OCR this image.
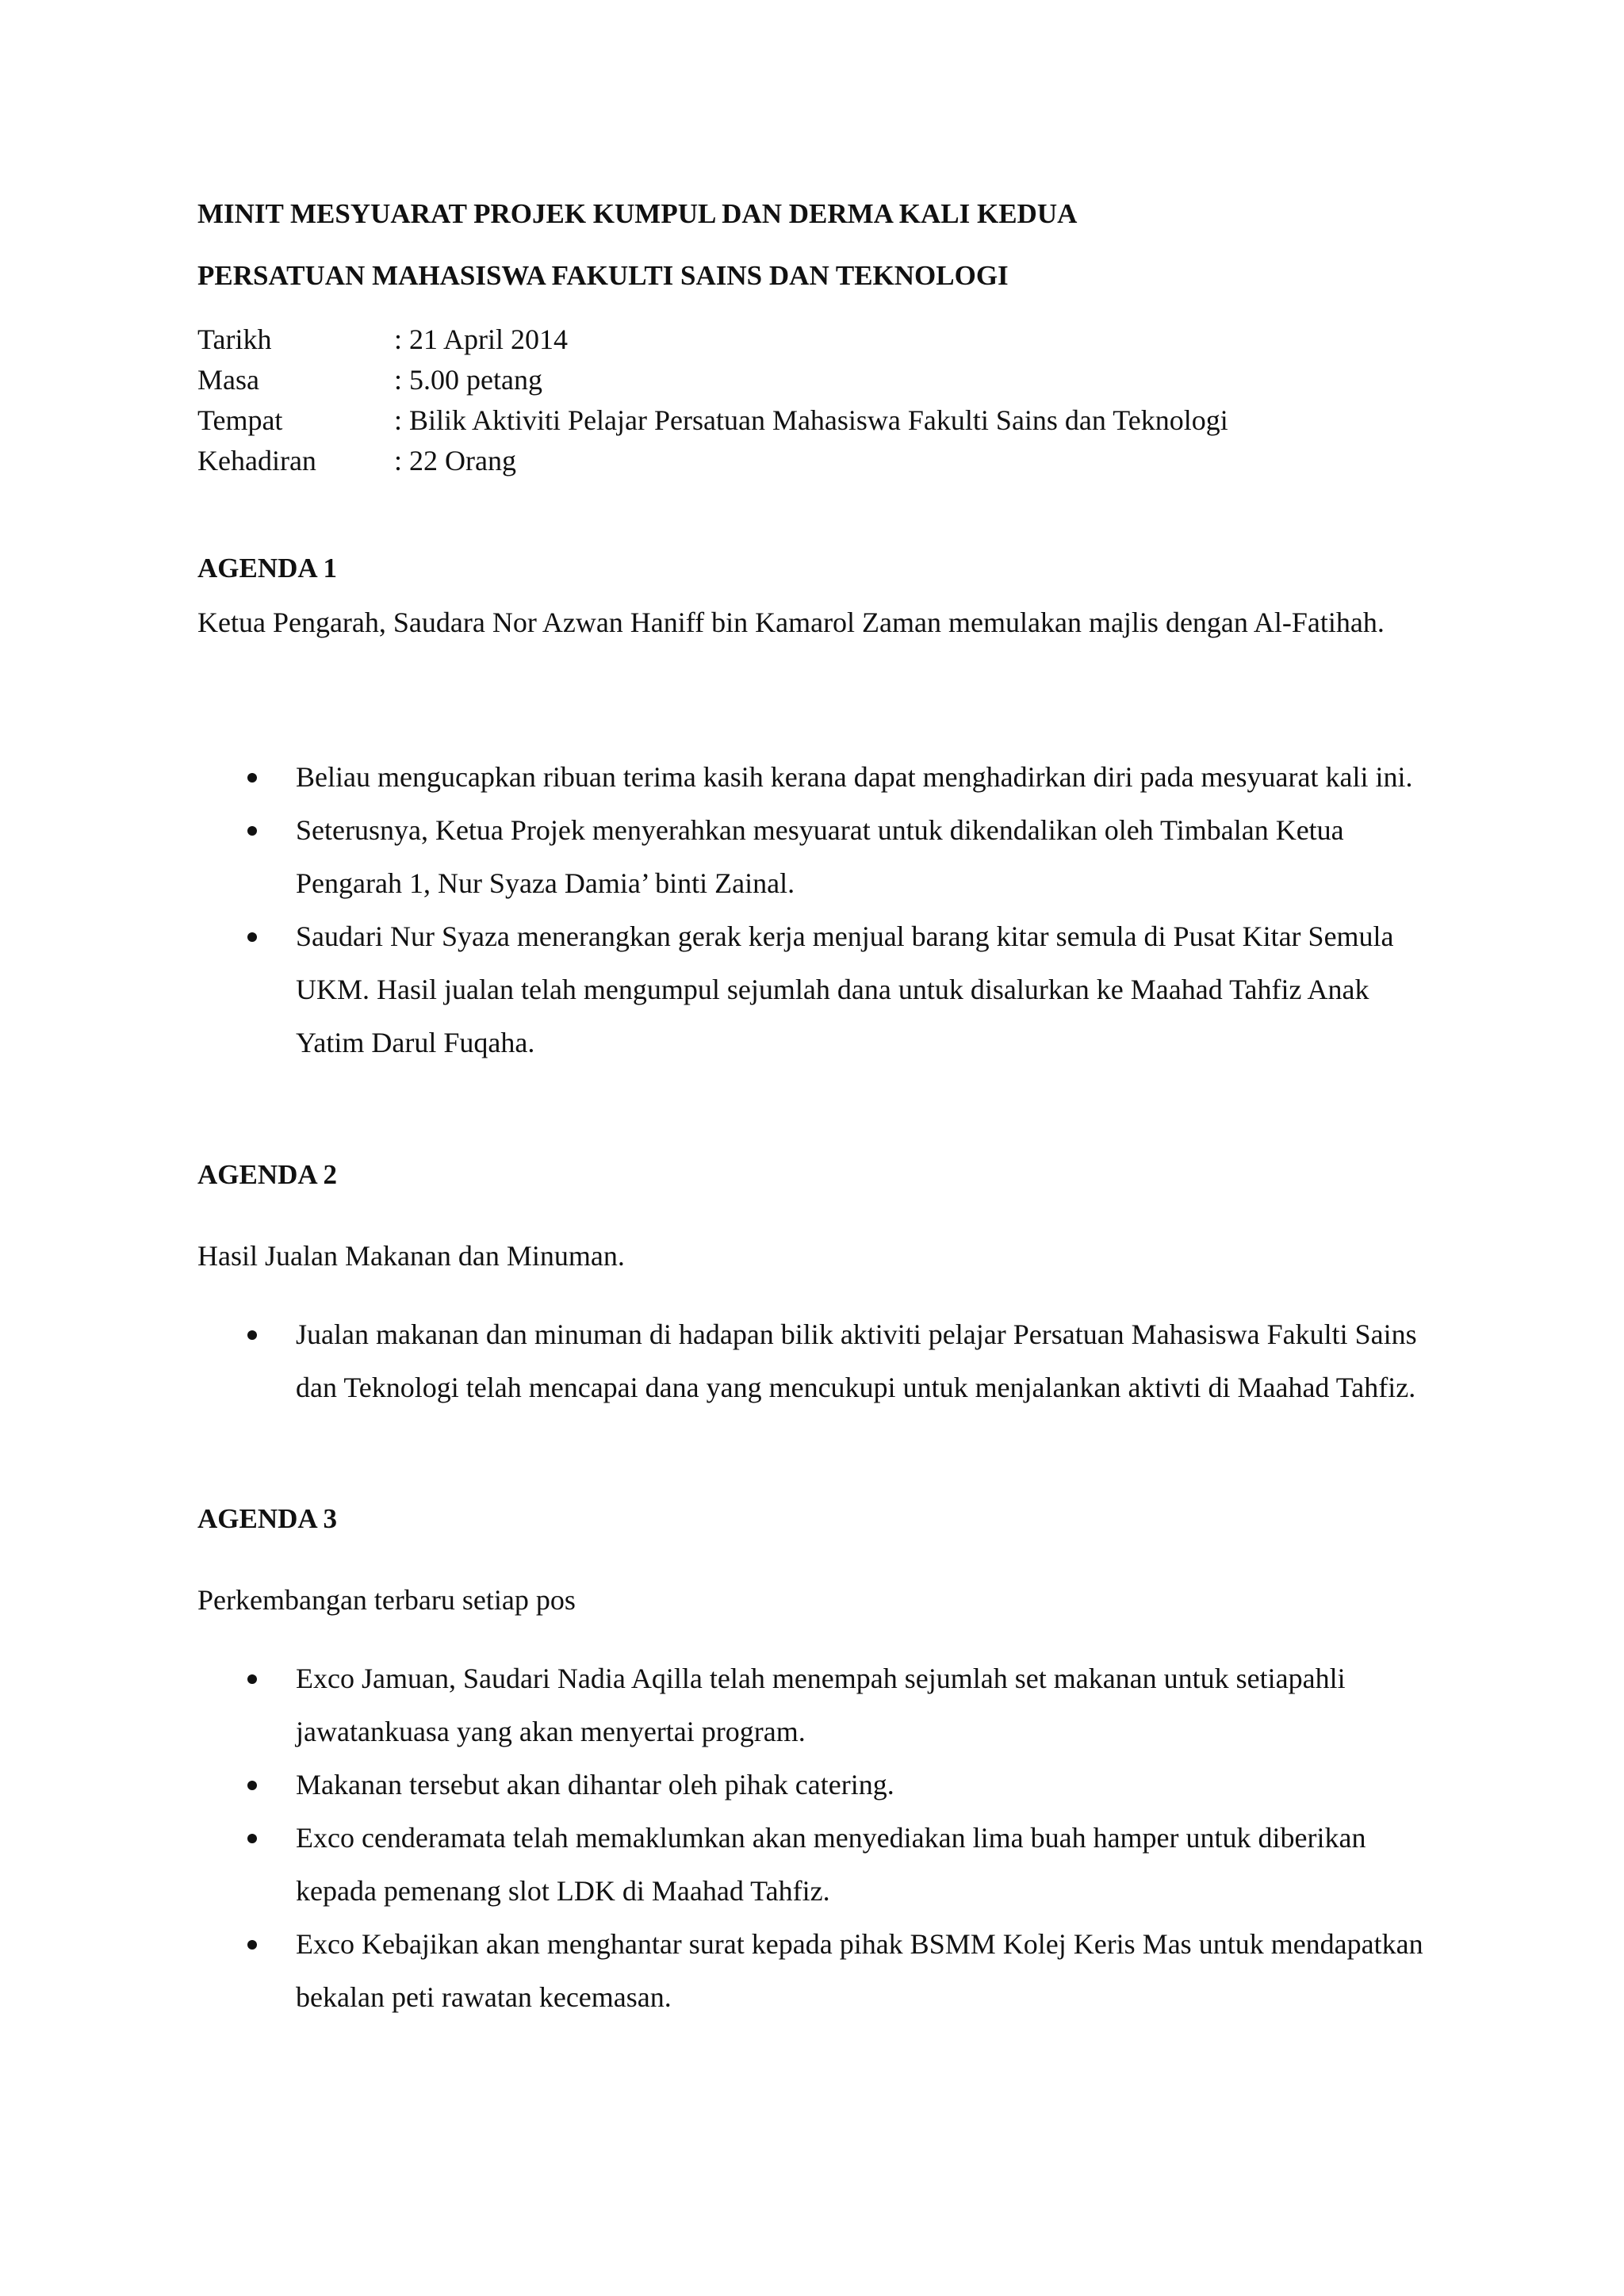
MINIT MESYUARAT PROJEK KUMPUL DAN DERMA KALI KEDUA
PERSATUAN MAHASISWA FAKULTI SAINS DAN TEKNOLOGI
Tarikh	: 21 April 2014
Masa	: 5.00 petang
Tempat	: Bilik Aktiviti Pelajar Persatuan Mahasiswa Fakulti Sains dan Teknologi
Kehadiran	: 22 Orang
AGENDA 1

Ketua Pengarah, Saudara Nor Azwan Haniff bin Kamarol Zaman memulakan majlis dengan Al-Fatihah.

Beliau mengucapkan ribuan terima kasih kerana dapat menghadirkan diri pada mesyuarat kali ini.
Seterusnya, Ketua Projek menyerahkan mesyuarat untuk dikendalikan oleh Timbalan Ketua Pengarah 1, Nur Syaza Damia’ binti Zainal.
Saudari Nur Syaza menerangkan gerak kerja menjual barang kitar semula di Pusat Kitar Semula UKM. Hasil jualan telah mengumpul sejumlah dana untuk disalurkan ke Maahad Tahfiz Anak Yatim Darul Fuqaha.
AGENDA 2

Hasil Jualan Makanan dan Minuman.

Jualan makanan dan minuman di hadapan bilik aktiviti pelajar Persatuan Mahasiswa Fakulti Sains dan Teknologi telah mencapai dana yang mencukupi untuk menjalankan aktivti di Maahad Tahfiz.
AGENDA 3

Perkembangan terbaru setiap pos

Exco Jamuan, Saudari Nadia Aqilla telah menempah sejumlah set makanan untuk setiapahli jawatankuasa yang akan menyertai program.
Makanan tersebut akan dihantar oleh pihak catering.
Exco cenderamata telah memaklumkan akan menyediakan lima buah hamper untuk diberikan kepada pemenang slot LDK di Maahad Tahfiz.
Exco Kebajikan akan menghantar surat kepada pihak BSMM Kolej Keris Mas untuk mendapatkan bekalan peti rawatan kecemasan.
